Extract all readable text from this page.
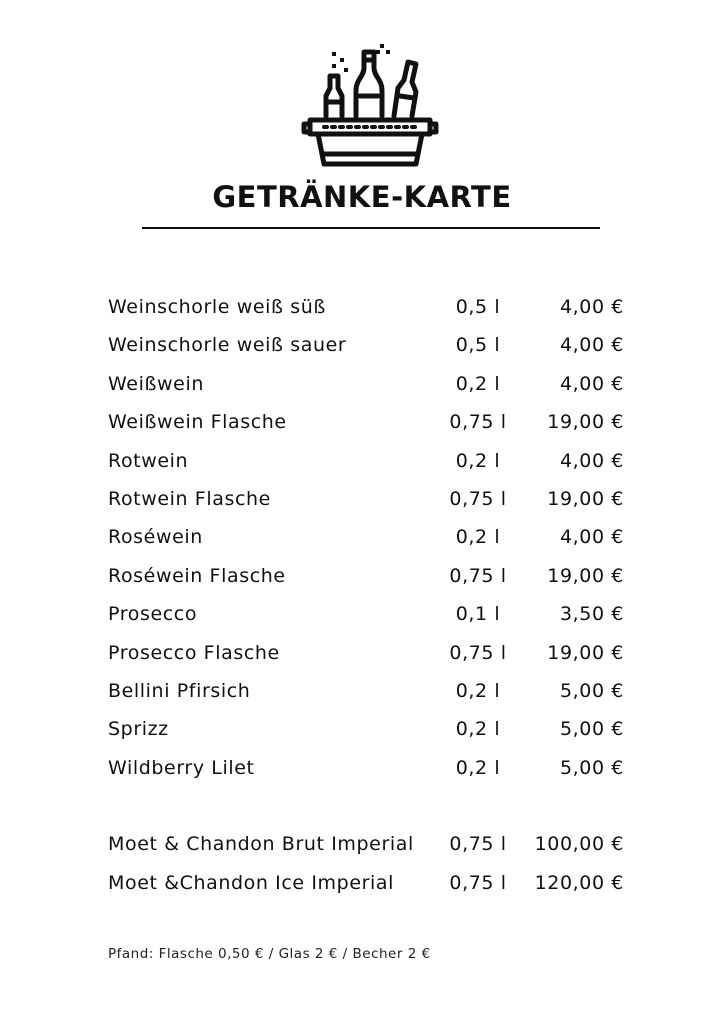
GETRÄNKE-KARTE
Weinschorle weiß süß	0,5 l	4,00 €
Weinschorle weiß sauer	0,5 l	4,00 €
Weißwein	0,2 l	4,00 €
Weißwein Flasche	0,75 l 19,00 €
Rotwein	0,2 l	4,00 €
Rotwein Flasche	0,75 l 19,00 €
Roséwein	0,2 l	4,00 €
Roséwein Flasche	0,75 l 19,00 €
Prosecco	0,1 l	3,50 €
Prosecco Flasche	0,75 l 19,00 €
Bellini Pfirsich	0,2 l	5,00 €
Sprizz	0,2 l	5,00 €
Wildberry Lilet	0,2 l	5,00 €
Moet & Chandon Brut Imperial 0,75 l 100,00 €
Moet &Chandon Ice Imperial	0,75 l 120,00 €
Pfand: Flasche 0,50 € / Glas 2 € / Becher 2 €
